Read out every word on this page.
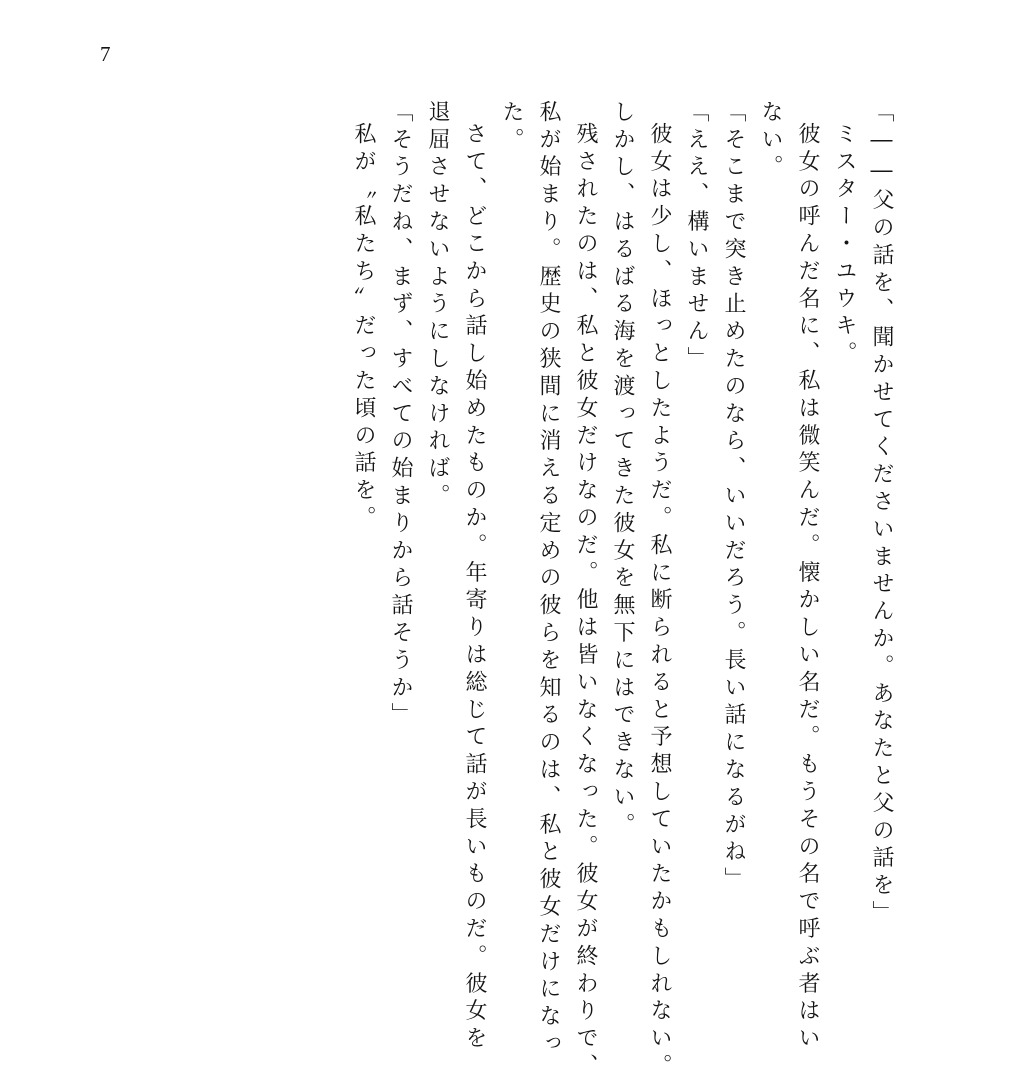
7
「――父の話を、聞かせてくださいませんか。あなたと父の話を」
ミスター・ユウキ。
彼女の呼んだ名に、私は微笑んだ。懐かしい名だ。もうその名で呼ぶ者はい
ない。
「そこまで突き止めたのなら、いいだろう。長い話になるがね」
「ええ、構いません」
彼女は少し、ほっとしたようだ。私に断られると予想していたかもしれない。
しかし、はるばる海を渡ってきた彼女を無下にはできない。
残されたのは、私と彼女だけなのだ。他は皆いなくなった。彼女が終わりで、
私が始まり。歴史の狭間に消える定めの彼らを知るのは、私と彼女だけになっ
た。
さて、どこから話し始めたものか。年寄りは総じて話が長いものだ。彼女を
退屈させないようにしなければ。
「そうだね、まず、すべての始まりから話そうか」
私が〝私たち〟だった頃の話を。
